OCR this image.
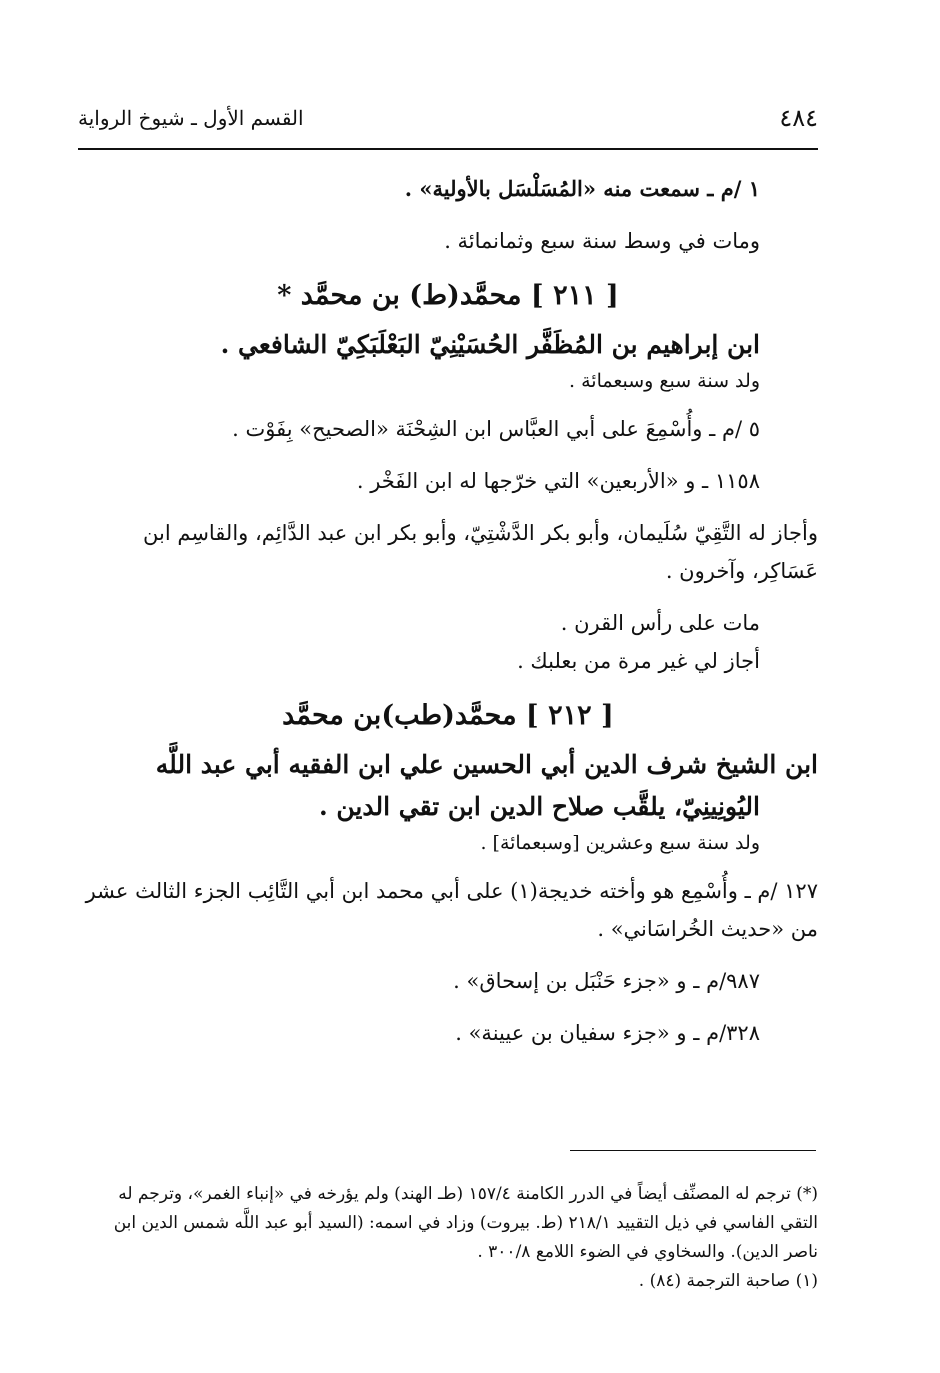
٤٨٤
القسم الأول ـ شيوخ الرواية

١ /م ـ سمعت منه «المُسَلْسَل بالأولية» .

ومات في وسط سنة سبع وثمانمائة .

[ ٢١١ ] محمَّد(ط) بن محمَّد *

ابن إبراهيم بن المُظَفَّر الحُسَيْنِيّ البَعْلَبَكِيّ الشافعي .

ولد سنة سبع وسبعمائة .

٥ /م ـ وأُسْمِعَ على أبي العبَّاس ابن الشِحْنَة «الصحيح» بِفَوْت .

١١٥٨ ـ و «الأربعين» التي خرّجها له ابن الفَخْر .

وأجاز له التَّقِيّ سُلَيمان، وأبو بكر الدَّشْتِيّ، وأبو بكر ابن عبد الدَّائِم، والقاسِم ابن عَسَاكِر، وآخرون .

مات على رأس القرن .

أجاز لي غير مرة من بعلبك .

[ ٢١٢ ] محمَّد(طب)بن محمَّد

ابن الشيخ شرف الدين أبي الحسين علي ابن الفقيه أبي عبد اللَّه اليُونِينِيّ، يلقَّب صلاح الدين ابن تقي الدين .

ولد سنة سبع وعشرين [وسبعمائة] .

١٢٧ /م ـ وأُسْمِع هو وأخته خديجة(١) على أبي محمد ابن أبي التَّائِب الجزء الثالث عشر من «حديث الخُراسَاني» .

٩٨٧/م ـ و «جزء حَنْبَل بن إسحاق» .

٣٢٨/م ـ و «جزء سفيان بن عيينة» .

(*) ترجم له المصنِّف أيضاً في الدرر الكامنة ١٥٧/٤ (طـ الهند) ولم يؤرخه في «إنباء الغمر»، وترجم له التقي الفاسي في ذيل التقييد ٢١٨/١ (ط. بيروت) وزاد في اسمه: (السيد أبو عبد اللَّه شمس الدين ابن ناصر الدين). والسخاوي في الضوء اللامع ٣٠٠/٨ .

(١) صاحبة الترجمة (٨٤) .
